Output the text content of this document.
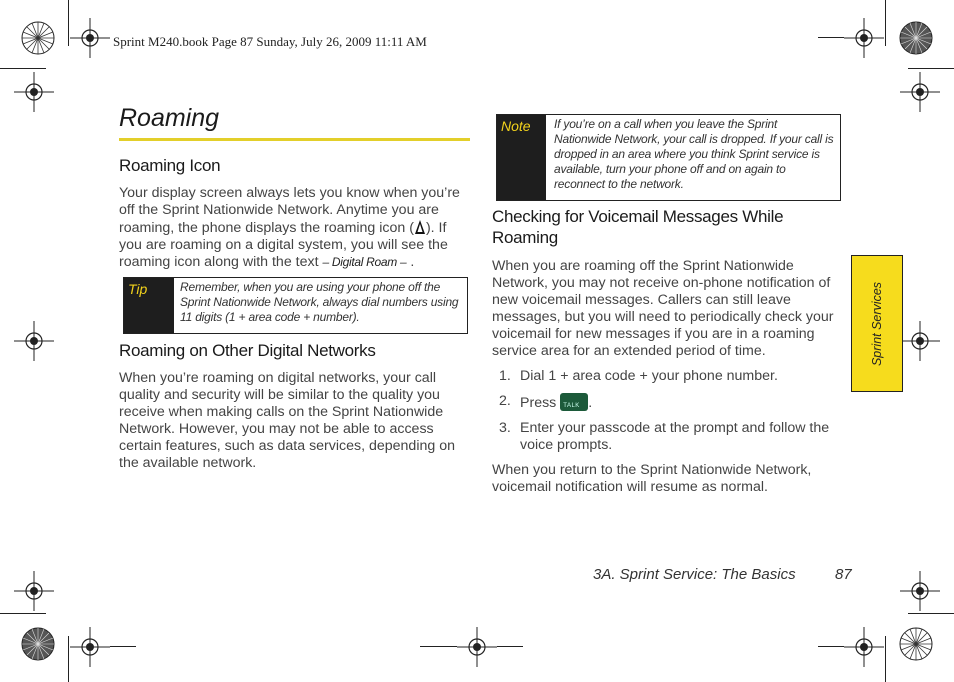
Sprint M240.book Page 87 Sunday, July 26, 2009 11:11 AM
Roaming
Roaming Icon

Your display screen always lets you know when you’re off the Sprint Nationwide Network. Anytime you are roaming, the phone displays the roaming icon ( ). If you are roaming on a digital system, you will see the roaming icon along with the text – Digital Roam – .

Tip	Remember, when you are using your phone off the Sprint Nationwide Network, always dial numbers using 11 digits (1 + area code + number).
Roaming on Other Digital Networks

When you’re roaming on digital networks, your call quality and security will be similar to the quality you receive when making calls on the Sprint Nationwide Network. However, you may not be able to access certain features, such as data services, depending on the available network.

Note	If you’re on a call when you leave the Sprint Nationwide Network, your call is dropped. If your call is dropped in an area where you think Sprint service is available, turn your phone off and on again to reconnect to the network.
Checking for Voicemail Messages While Roaming

When you are roaming off the Sprint Nationwide Network, you may not receive on-phone notification of new voicemail messages. Callers can still leave messages, but you will need to periodically check your voicemail for new messages if you are in a roaming service area for an extended period of time.

1. Dial 1 + area code + your phone number.
2. Press TALK .
3. Enter your passcode at the prompt and follow the voice prompts.

When you return to the Sprint Nationwide Network, voicemail notification will resume as normal.

Sprint Services
3A. Sprint Service: The Basics	87
